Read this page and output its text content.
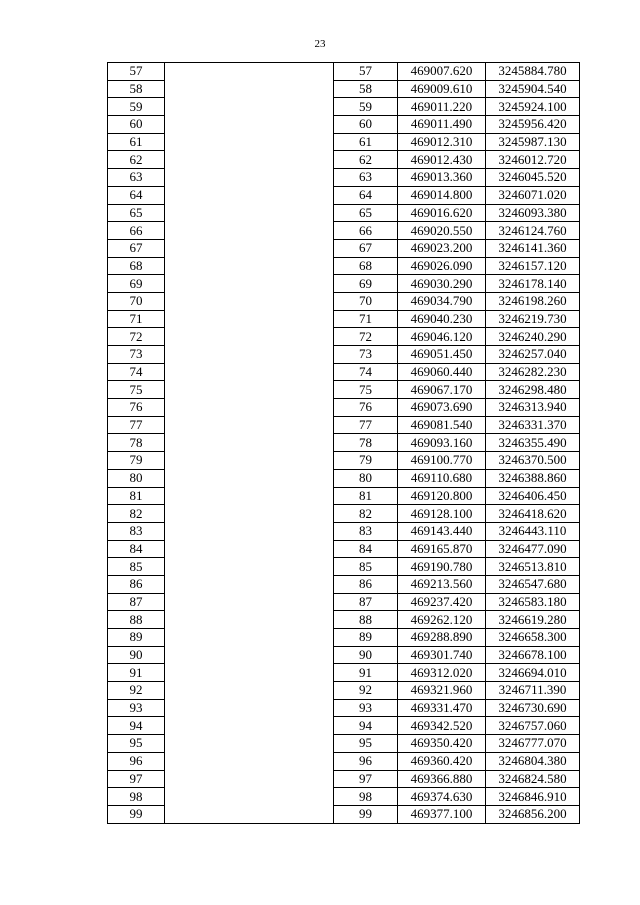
23
57		57	469007.620	3245884.780
58		58	469009.610	3245904.540
59		59	469011.220	3245924.100
60		60	469011.490	3245956.420
61		61	469012.310	3245987.130
62		62	469012.430	3246012.720
63		63	469013.360	3246045.520
64		64	469014.800	3246071.020
65		65	469016.620	3246093.380
66		66	469020.550	3246124.760
67		67	469023.200	3246141.360
68		68	469026.090	3246157.120
69		69	469030.290	3246178.140
70		70	469034.790	3246198.260
71		71	469040.230	3246219.730
72		72	469046.120	3246240.290
73		73	469051.450	3246257.040
74		74	469060.440	3246282.230
75		75	469067.170	3246298.480
76		76	469073.690	3246313.940
77		77	469081.540	3246331.370
78		78	469093.160	3246355.490
79		79	469100.770	3246370.500
80		80	469110.680	3246388.860
81		81	469120.800	3246406.450
82		82	469128.100	3246418.620
83		83	469143.440	3246443.110
84		84	469165.870	3246477.090
85		85	469190.780	3246513.810
86		86	469213.560	3246547.680
87		87	469237.420	3246583.180
88		88	469262.120	3246619.280
89		89	469288.890	3246658.300
90		90	469301.740	3246678.100
91		91	469312.020	3246694.010
92		92	469321.960	3246711.390
93		93	469331.470	3246730.690
94		94	469342.520	3246757.060
95		95	469350.420	3246777.070
96		96	469360.420	3246804.380
97		97	469366.880	3246824.580
98		98	469374.630	3246846.910
99		99	469377.100	3246856.200
